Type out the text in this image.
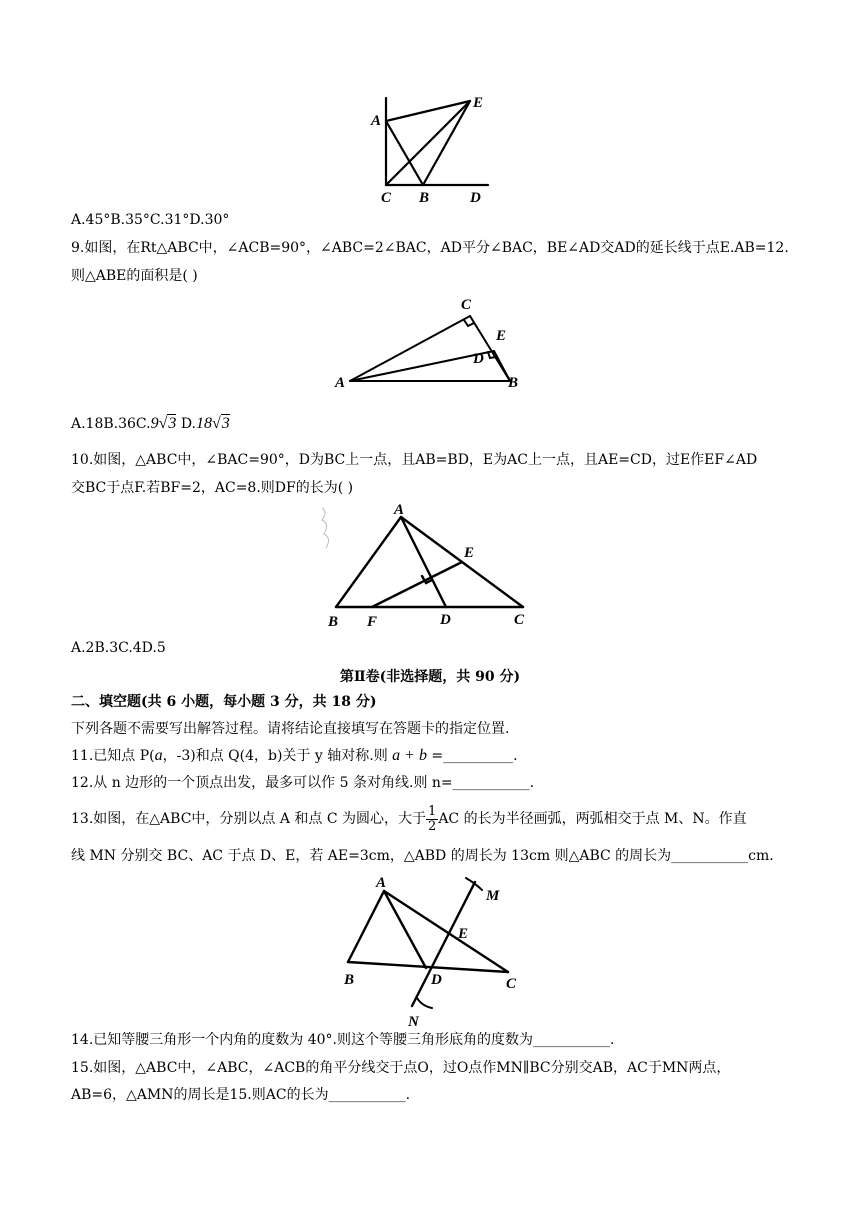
A
E
C B	D
A.45°B.35°C.31°D.30°
9.如图，在Rt△ABC中，∠ACB=90°，∠ABC=2∠BAC，AD平分∠BAC，BE∠AD交AD的延长线于点E.AB=12.
则△ABE的面积是( )
C
E
D
A	B
A.18B.36C.9√3 D.18√3
10.如图，△ABC中，∠BAC=90°，D为BC上一点，且AB=BD，E为AC上一点，且AE=CD，过E作EF∠AD
交BC于点F.若BF=2，AC=8.则DF的长为( )
A
E
B F	D	C
A.2B.3C.4D.5
第Ⅱ卷(非选择题，共 90 分)
二、填空题(共 6 小题，每小题 3 分，共 18 分)
下列各题不需要写出解答过程。请将结论直接填写在答题卡的指定位置.
11.已知点 P(a，-3)和点 Q(4，b)关于 y 轴对称.则 a + b =__________.
12.从 n 边形的一个顶点出发，最多可以作 5 条对角线.则 n=___________.
13.如图，在△ABC中，分别以点 A 和点 C 为圆心，大于 $\frac{1}{2}$ AC 的长为半径画弧，两弧相交于点 M、N。作直
线 MN 分别交 BC、AC 于点 D、E，若 AE=3cm，△ABD 的周长为 13cm 则△ABC 的周长为___________cm.
A
M
E
B	D	C
N
14.已知等腰三角形一个内角的度数为 40°.则这个等腰三角形底角的度数为___________.
15.如图，△ABC中，∠ABC，∠ACB的角平分线交于点O，过O点作MN∥BC分别交AB，AC于MN两点，
AB=6，△AMN的周长是15.则AC的长为___________.
